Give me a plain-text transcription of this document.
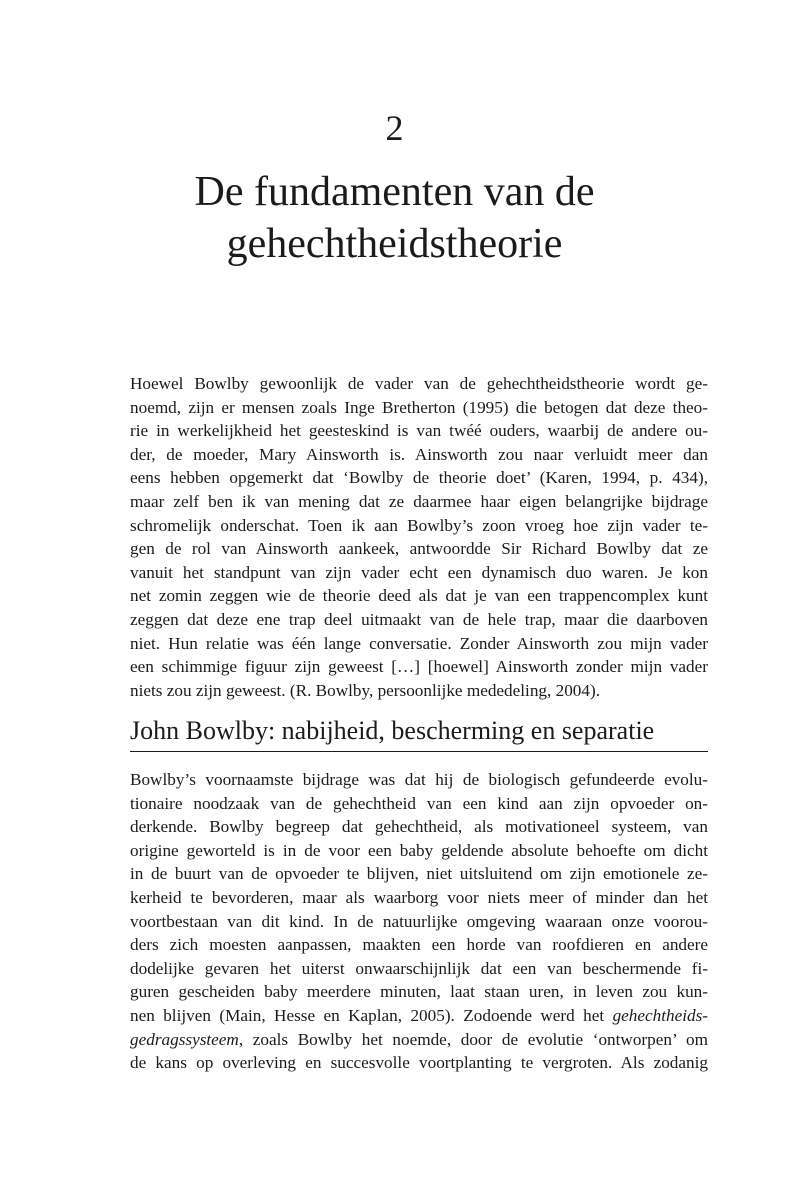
2
De fundamenten van de
gehechtheidstheorie
Hoewel Bowlby gewoonlijk de vader van de gehechtheidstheorie wordt ge-
noemd, zijn er mensen zoals Inge Bretherton (1995) die betogen dat deze theo-
rie in werkelijkheid het geesteskind is van twéé ouders, waarbij de andere ou-
der, de moeder, Mary Ainsworth is. Ainsworth zou naar verluidt meer dan
eens hebben opgemerkt dat ‘Bowlby de theorie doet’ (Karen, 1994, p. 434),
maar zelf ben ik van mening dat ze daarmee haar eigen belangrijke bijdrage
schromelijk onderschat. Toen ik aan Bowlby’s zoon vroeg hoe zijn vader te-
gen de rol van Ainsworth aankeek, antwoordde Sir Richard Bowlby dat ze
vanuit het standpunt van zijn vader echt een dynamisch duo waren. Je kon
net zomin zeggen wie de theorie deed als dat je van een trappencomplex kunt
zeggen dat deze ene trap deel uitmaakt van de hele trap, maar die daarboven
niet. Hun relatie was één lange conversatie. Zonder Ainsworth zou mijn vader
een schimmige figuur zijn geweest […] [hoewel] Ainsworth zonder mijn vader
niets zou zijn geweest. (R. Bowlby, persoonlijke mededeling, 2004).
John Bowlby: nabijheid, bescherming en separatie
Bowlby’s voornaamste bijdrage was dat hij de biologisch gefundeerde evolu-
tionaire noodzaak van de gehechtheid van een kind aan zijn opvoeder on-
derkende. Bowlby begreep dat gehechtheid, als motivationeel systeem, van
origine geworteld is in de voor een baby geldende absolute behoefte om dicht
in de buurt van de opvoeder te blijven, niet uitsluitend om zijn emotionele ze-
kerheid te bevorderen, maar als waarborg voor niets meer of minder dan het
voortbestaan van dit kind. In de natuurlijke omgeving waaraan onze voorou-
ders zich moesten aanpassen, maakten een horde van roofdieren en andere
dodelijke gevaren het uiterst onwaarschijnlijk dat een van beschermende fi-
guren gescheiden baby meerdere minuten, laat staan uren, in leven zou kun-
nen blijven (Main, Hesse en Kaplan, 2005). Zodoende werd het gehechtheids-
gedragssysteem, zoals Bowlby het noemde, door de evolutie ‘ontworpen’ om
de kans op overleving en succesvolle voortplanting te vergroten. Als zodanig
